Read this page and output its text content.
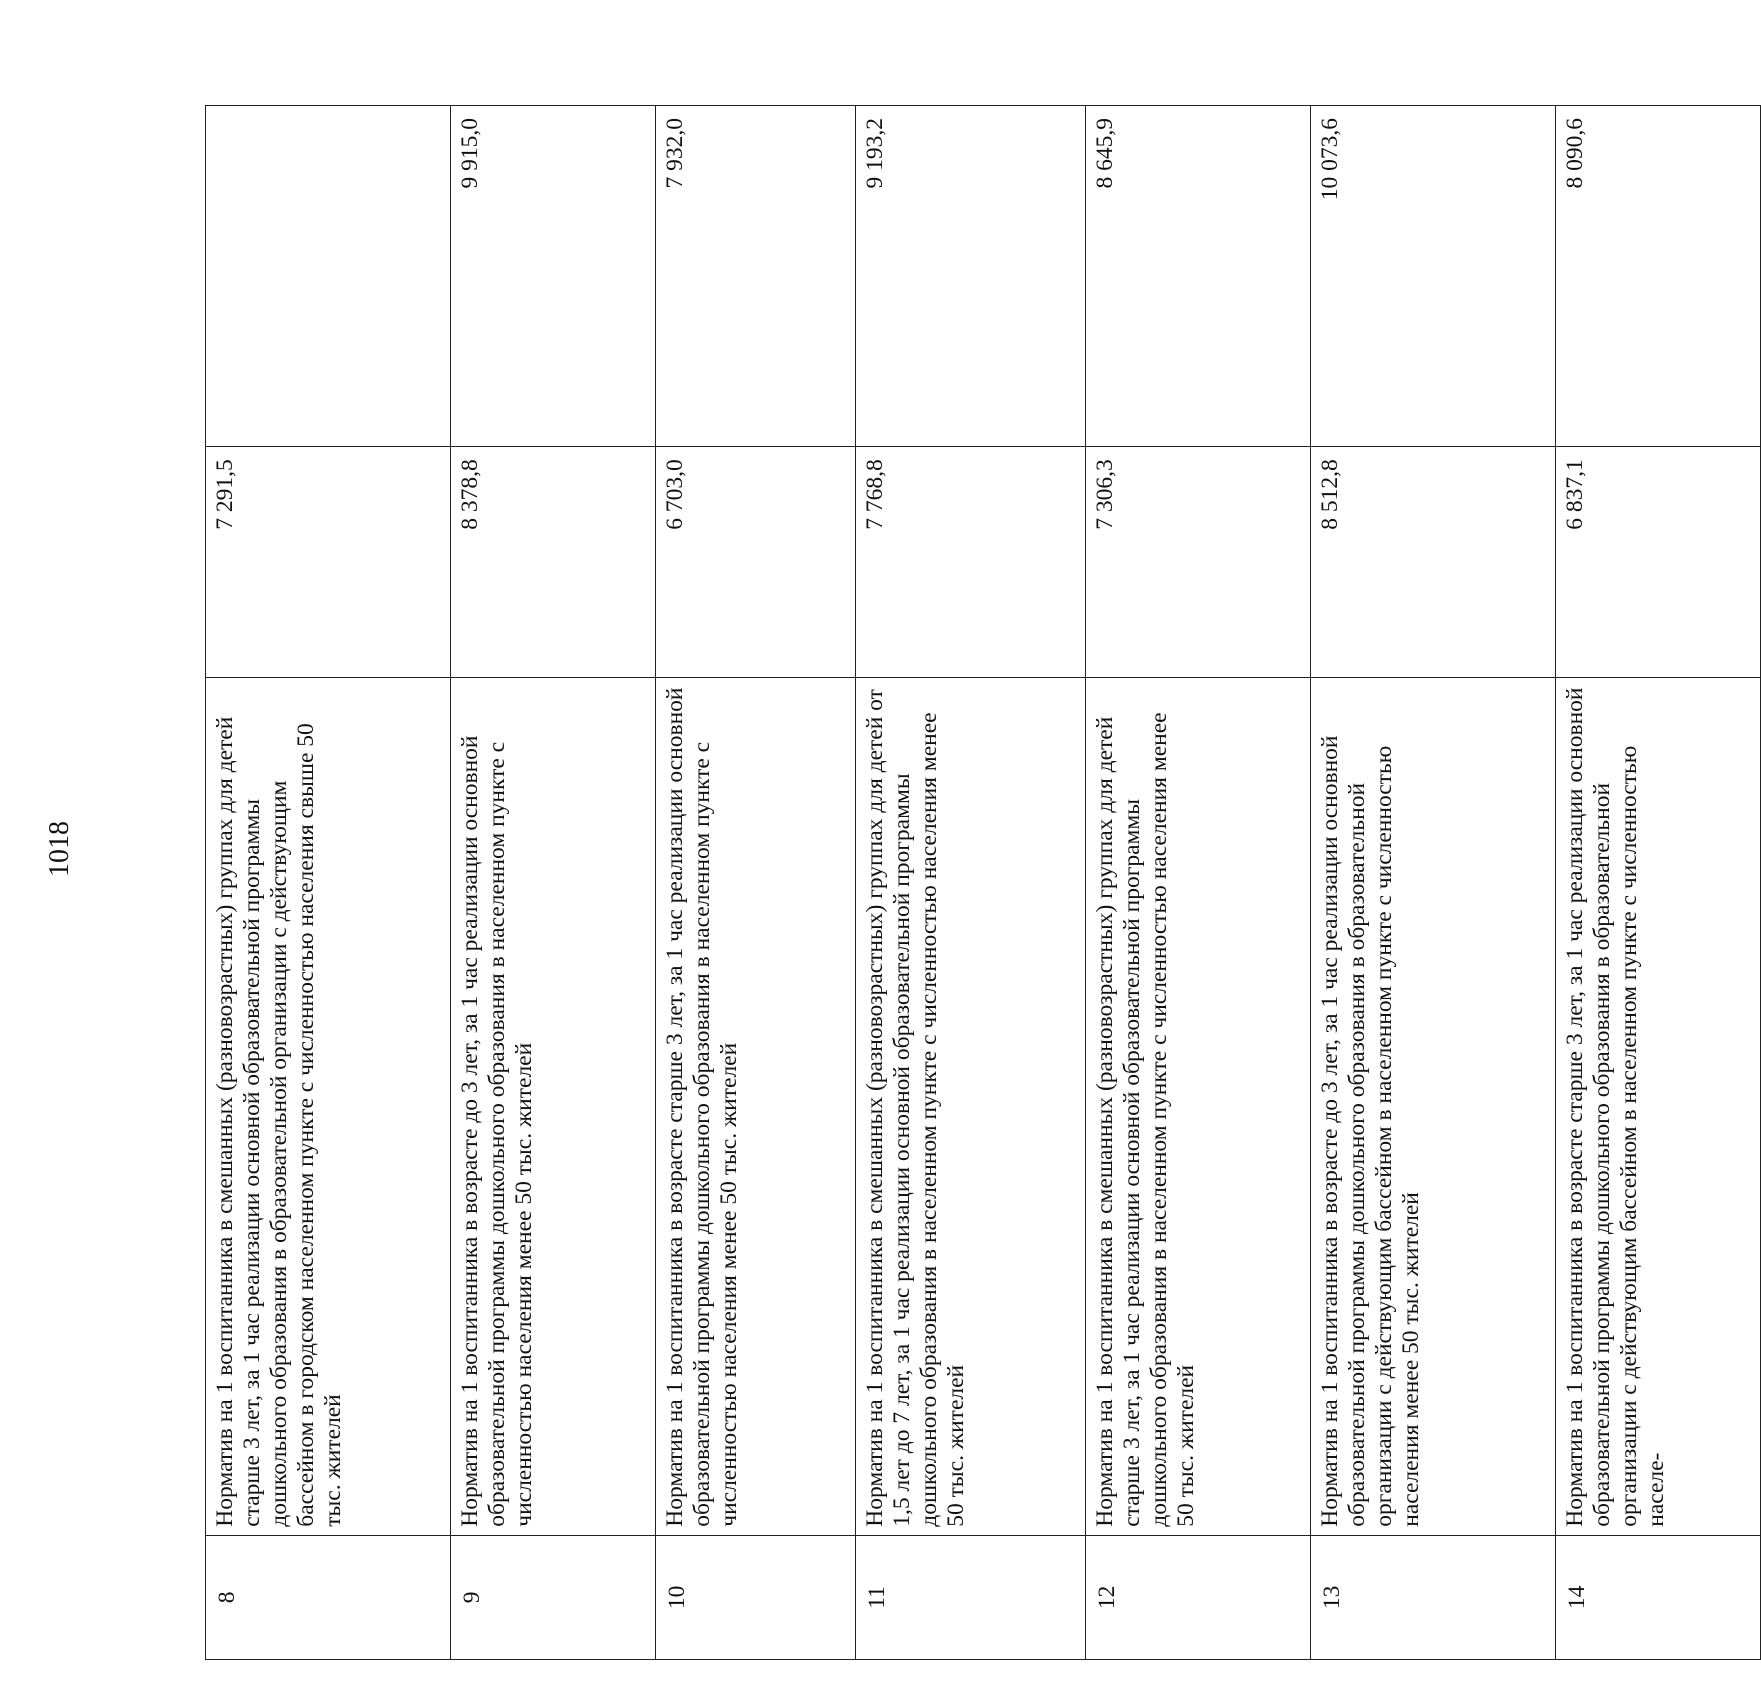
1018
8	Норматив на 1 воспитанника в смешанных (разновозрастных) группах для детей старше 3 лет, за 1 час реализации основной образовательной программы дошкольного образования в образовательной организации с действующим бассейном в городском населенном пункте с численностью населения свыше 50 тыс. жителей	7 291,5	
9	Норматив на 1 воспитанника в возрасте до 3 лет, за 1 час реализации основной образовательной программы дошкольного образования в населенном пункте с численностью населения менее 50 тыс. жителей	8 378,8	9 915,0
10	Норматив на 1 воспитанника в возрасте старше 3 лет, за 1 час реализации основной образовательной программы дошкольного образования в населенном пункте с численностью населения менее 50 тыс. жителей	6 703,0	7 932,0
11	Норматив на 1 воспитанника в смешанных (разновозрастных) группах для детей от 1,5 лет до 7 лет, за 1 час реализации основной образовательной программы дошкольного образования в населенном пункте с численностью населения менее 50 тыс. жителей	7 768,8	9 193,2
12	Норматив на 1 воспитанника в смешанных (разновозрастных) группах для детей старше 3 лет, за 1 час реализации основной образовательной программы дошкольного образования в населенном пункте с численностью населения менее 50 тыс. жителей	7 306,3	8 645,9
13	Норматив на 1 воспитанника в возрасте до 3 лет, за 1 час реализации основной образовательной программы дошкольного образования в образовательной организации с действующим бассейном в населенном пункте с численностью населения менее 50 тыс. жителей	8 512,8	10 073,6
14	Норматив на 1 воспитанника в возрасте старше 3 лет, за 1 час реализации основной образовательной программы дошкольного образования в образовательной организации с действующим бассейном в населенном пункте с численностью населе-	6 837,1	8 090,6
